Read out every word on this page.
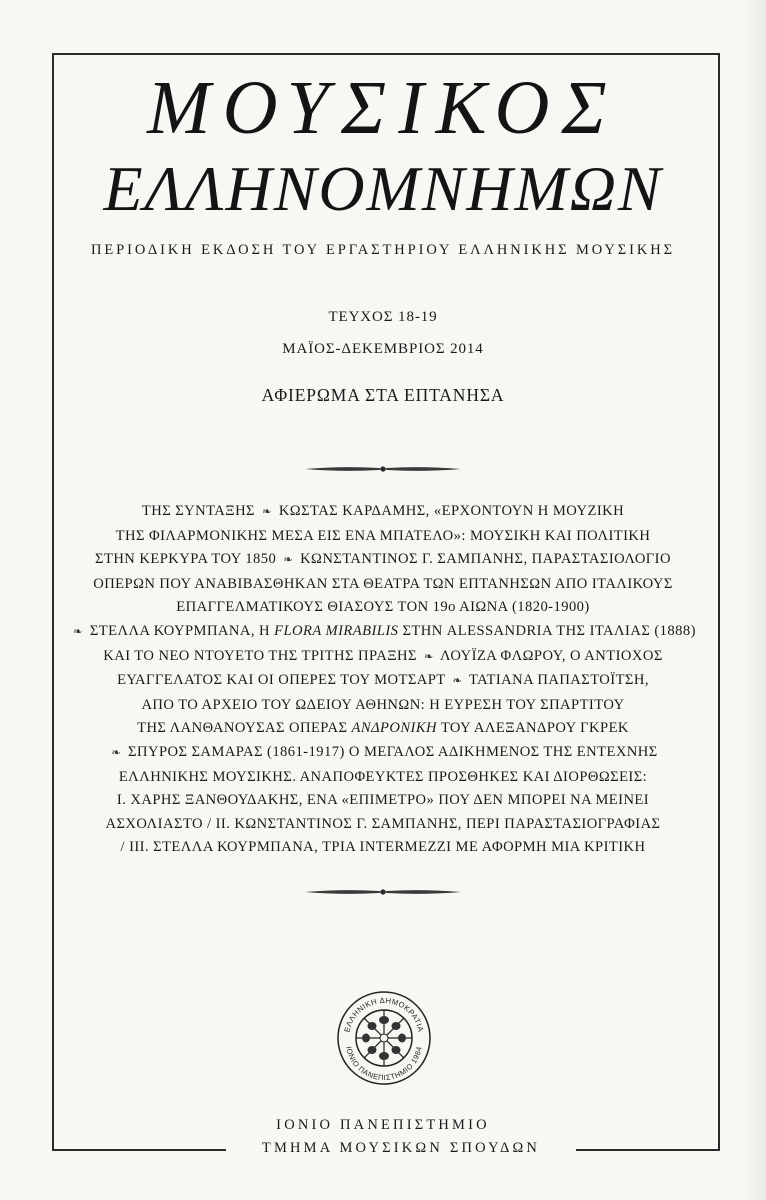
ΜΟΥΣΙΚΟΣ
ΕΛΛΗΝΟΜΝΗΜΩΝ
ΠΕΡΙΟΔΙΚΗ ΕΚΔΟΣΗ ΤΟΥ ΕΡΓΑΣΤΗΡΙΟΥ ΕΛΛΗΝΙΚΗΣ ΜΟΥΣΙΚΗΣ
ΤΕΥΧΟΣ 18-19
ΜΑΪΟΣ-ΔΕΚΕΜΒΡΙΟΣ 2014
ΑΦΙΕΡΩΜΑ ΣΤΑ ΕΠΤΑΝΗΣΑ
ΤΗΣ ΣΥΝΤΑΞΗΣ ❧ ΚΩΣΤΑΣ ΚΑΡΔΑΜΗΣ, «ΕΡΧΟΝΤΟΥΝ Η ΜΟΥΖΙΚΗ
ΤΗΣ ΦΙΛΑΡΜΟΝΙΚΗΣ ΜΕΣΑ ΕΙΣ ΕΝΑ ΜΠΑΤΕΛΟ»: ΜΟΥΣΙΚΗ ΚΑΙ ΠΟΛΙΤΙΚΗ
ΣΤΗΝ ΚΕΡΚΥΡΑ ΤΟΥ 1850 ❧ ΚΩΝΣΤΑΝΤΙΝΟΣ Γ. ΣΑΜΠΑΝΗΣ, ΠΑΡΑΣΤΑΣΙΟΛΟΓΙΟ
ΟΠΕΡΩΝ ΠΟΥ ΑΝΑΒΙΒΑΣΘΗΚΑΝ ΣΤΑ ΘΕΑΤΡΑ ΤΩΝ ΕΠΤΑΝΗΣΩΝ ΑΠΟ ΙΤΑΛΙΚΟΥΣ
ΕΠΑΓΓΕΛΜΑΤΙΚΟΥΣ ΘΙΑΣΟΥΣ ΤΟΝ 19ο ΑΙΩΝΑ (1820-1900)
❧ ΣΤΕΛΛΑ ΚΟΥΡΜΠΑΝΑ, Η FLORA MIRABILIS ΣΤΗΝ ALESSANDRIA ΤΗΣ ΙΤΑΛΙΑΣ (1888)
ΚΑΙ ΤΟ ΝΕΟ ΝΤΟΥΕΤΟ ΤΗΣ ΤΡΙΤΗΣ ΠΡΑΞΗΣ ❧ ΛΟΥΪΖΑ ΦΛΩΡΟΥ, Ο ΑΝΤΙΟΧΟΣ
ΕΥΑΓΓΕΛΑΤΟΣ ΚΑΙ ΟΙ ΟΠΕΡΕΣ ΤΟΥ ΜΟΤΣΑΡΤ ❧ ΤΑΤΙΑΝΑ ΠΑΠΑΣΤΟΪΤΣΗ,
ΑΠΟ ΤΟ ΑΡΧΕΙΟ ΤΟΥ ΩΔΕΙΟΥ ΑΘΗΝΩΝ: Η ΕΥΡΕΣΗ ΤΟΥ ΣΠΑΡΤΙΤΟΥ
ΤΗΣ ΛΑΝΘΑΝΟΥΣΑΣ ΟΠΕΡΑΣ ΑΝΔΡΟΝΙΚΗ ΤΟΥ ΑΛΕΞΑΝΔΡΟΥ ΓΚΡΕΚ
❧ ΣΠΥΡΟΣ ΣΑΜΑΡΑΣ (1861-1917) Ο ΜΕΓΑΛΟΣ ΑΔΙΚΗΜΕΝΟΣ ΤΗΣ ΕΝΤΕΧΝΗΣ
ΕΛΛΗΝΙΚΗΣ ΜΟΥΣΙΚΗΣ. ΑΝΑΠΟΦΕΥΚΤΕΣ ΠΡΟΣΘΗΚΕΣ ΚΑΙ ΔΙΟΡΘΩΣΕΙΣ:
I. ΧΑΡΗΣ ΞΑΝΘΟΥΔΑΚΗΣ, ΕΝΑ «ΕΠΙΜΕΤΡΟ» ΠΟΥ ΔΕΝ ΜΠΟΡΕΙ ΝΑ ΜΕΙΝΕΙ
ΑΣΧΟΛΙΑΣΤΟ / II. ΚΩΝΣΤΑΝΤΙΝΟΣ Γ. ΣΑΜΠΑΝΗΣ, ΠΕΡΙ ΠΑΡΑΣΤΑΣΙΟΓΡΑΦΙΑΣ
/ III. ΣΤΕΛΛΑ ΚΟΥΡΜΠΑΝΑ, ΤΡΙΑ INTERMEZZI ΜΕ ΑΦΟΡΜΗ ΜΙΑ ΚΡΙΤΙΚΗ
ΕΛΛΗΝΙΚΗ ΔΗΜΟΚΡΑΤΙΑ
ΙΟΝΙΟ ΠΑΝΕΠΙΣΤΗΜΙΟ 1984
ΙΟΝΙΟ ΠΑΝΕΠΙΣΤΗΜΙΟ
ΤΜΗΜΑ ΜΟΥΣΙΚΩΝ ΣΠΟΥΔΩΝ
